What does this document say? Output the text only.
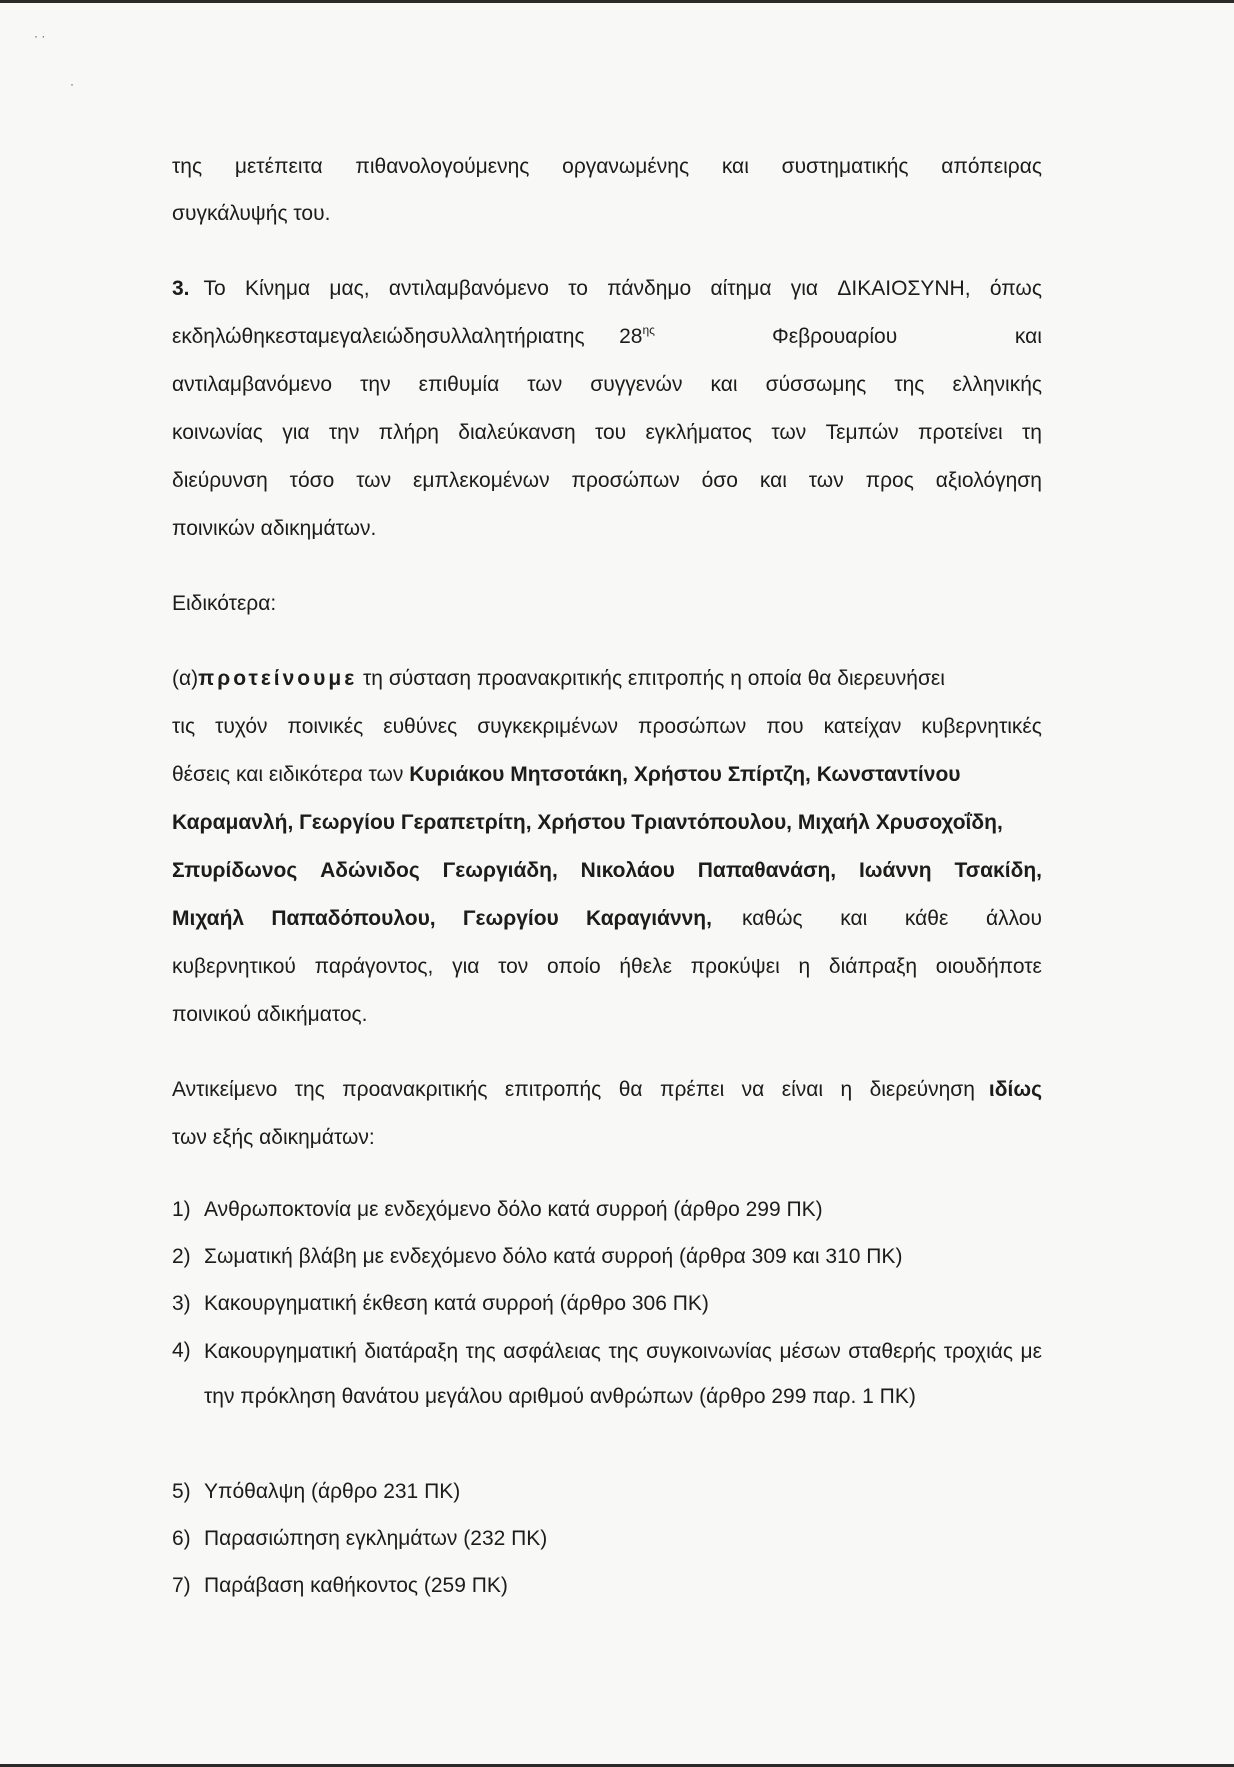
· ·
·
της μετέπειτα πιθανολογούμενης οργανωμένης και συστηματικής απόπειρας
συγκάλυψής του.
3. Το Κίνημα μας, αντιλαμβανόμενο το πάνδημο αίτημα για ΔΙΚΑΙΟΣΥΝΗ, όπως
εκδηλώθηκε στα μεγαλειώδη συλλαλητήρια της $28^{\eta\varsigma}$	Φεβρουαρίου	και
αντιλαμβανόμενο την επιθυμία των συγγενών και σύσσωμης της ελληνικής
κοινωνίας για την πλήρη διαλεύκανση του εγκλήματος των Τεμπών προτείνει τη
διεύρυνση τόσο των εμπλεκομένων προσώπων όσο και των προς αξιολόγηση
ποινικών αδικημάτων.
Ειδικότερα:
(α)προτείνουμε τη σύσταση προανακριτικής επιτροπής η οποία θα διερευνήσει
τις τυχόν ποινικές ευθύνες συγκεκριμένων προσώπων που κατείχαν κυβερνητικές
θέσεις και ειδικότερα των Κυριάκου Μητσοτάκη, Χρήστου Σπίρτζη, Κωνσταντίνου
Καραμανλή, Γεωργίου Γεραπετρίτη, Χρήστου Τριαντόπουλου, Μιχαήλ Χρυσοχοΐδη,
Σπυρίδωνος Αδώνιδος Γεωργιάδη, Νικολάου Παπαθανάση, Ιωάννη Τσακίδη,
Μιχαήλ Παπαδόπουλου, Γεωργίου Καραγιάννη, καθώς και κάθε άλλου
κυβερνητικού παράγοντος, για τον οποίο ήθελε προκύψει η διάπραξη οιουδήποτε
ποινικού αδικήματος.
Αντικείμενο της προανακριτικής επιτροπής θα πρέπει να είναι η διερεύνηση ιδίως
των εξής αδικημάτων:
1) Ανθρωποκτονία με ενδεχόμενο δόλο κατά συρροή (άρθρο 299 ΠΚ)
2) Σωματική βλάβη με ενδεχόμενο δόλο κατά συρροή (άρθρα 309 και 310 ΠΚ)
3) Κακουργηματική έκθεση κατά συρροή (άρθρο 306 ΠΚ)
4) Κακουργηματική διατάραξη της ασφάλειας της συγκοινωνίας μέσων σταθερής τροχιάς με την πρόκληση θανάτου μεγάλου αριθμού ανθρώπων (άρθρο 299 παρ. 1 ΠΚ)
5) Υπόθαλψη (άρθρο 231 ΠΚ)
6) Παρασιώπηση εγκλημάτων (232 ΠΚ)
7) Παράβαση καθήκοντος (259 ΠΚ)
